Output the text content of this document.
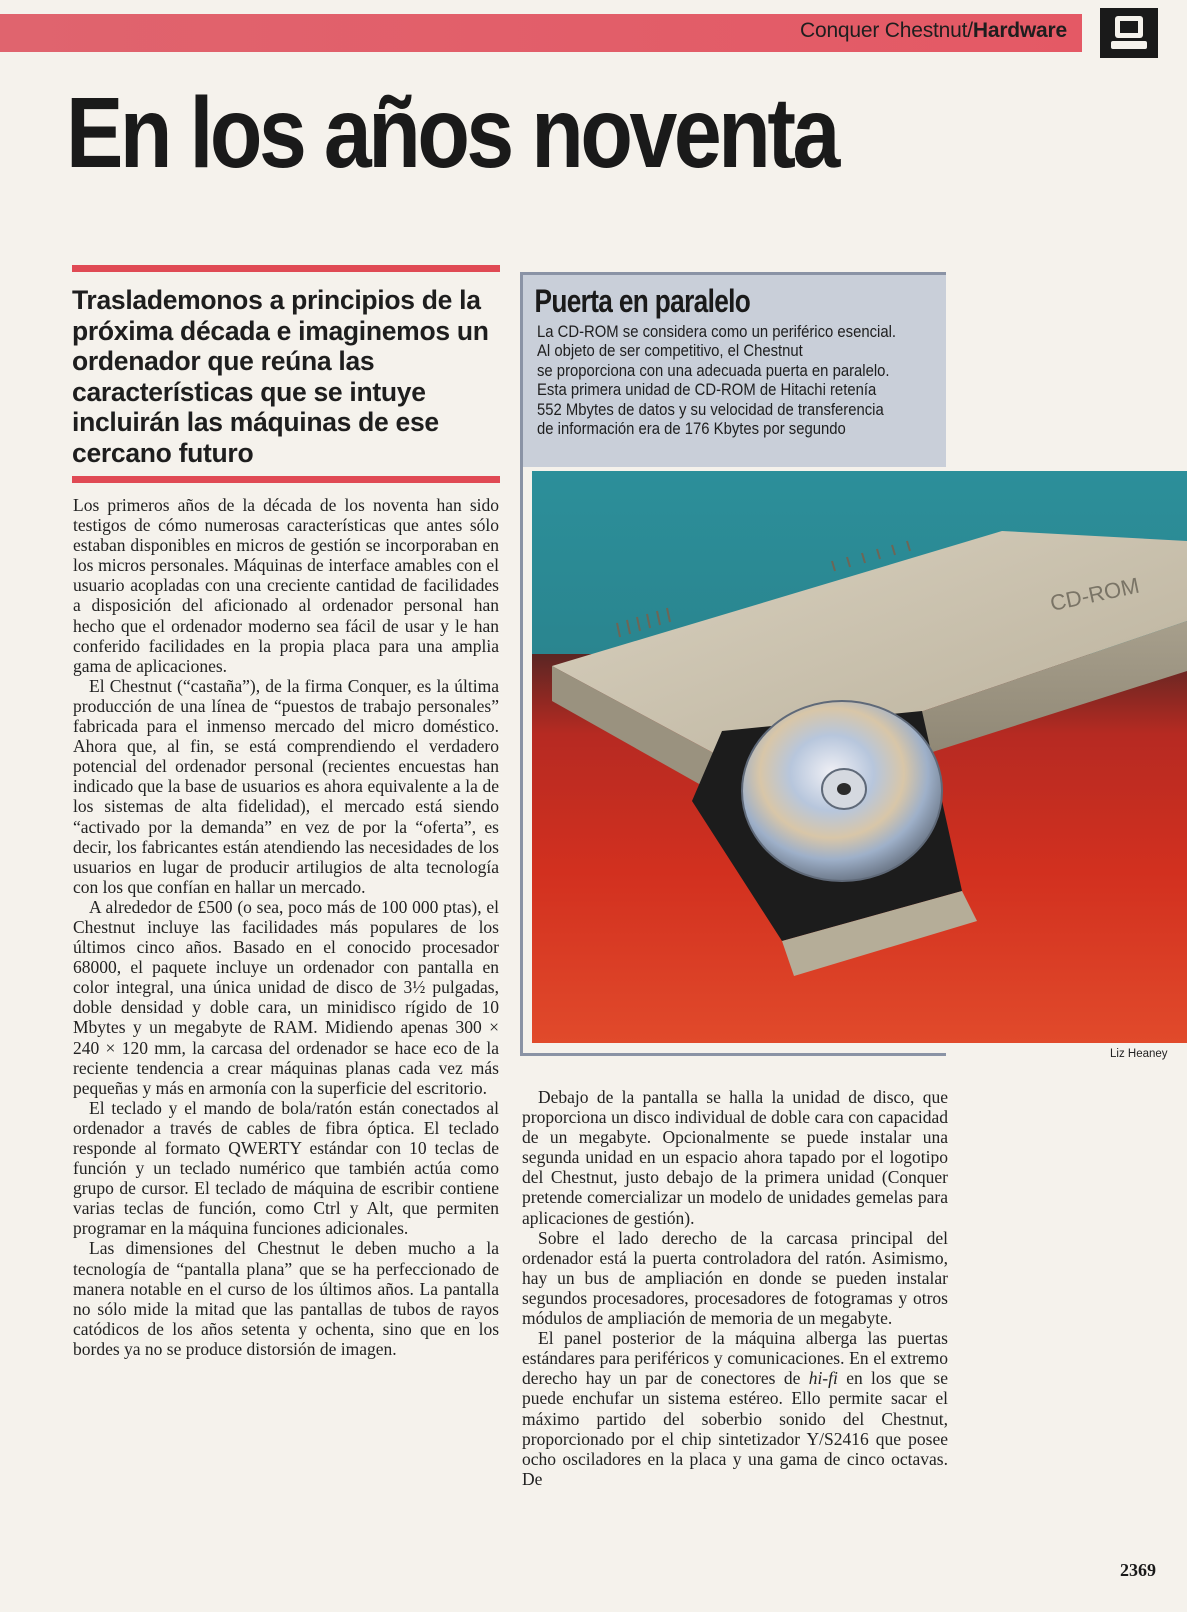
Conquer Chestnut/Hardware
En los años noventa
Traslademonos a principios de la próxima década e imaginemos un ordenador que reúna las características que se intuye incluirán las máquinas de ese cercano futuro

Los primeros años de la década de los noventa han sido testigos de cómo numerosas características que antes sólo estaban disponibles en micros de gestión se incorporaban en los micros personales. Máquinas de interface amables con el usuario acopladas con una creciente cantidad de facilidades a disposición del aficionado al ordenador personal han hecho que el ordenador moderno sea fácil de usar y le han conferido facilidades en la propia placa para una amplia gama de aplicaciones.

El Chestnut (“castaña”), de la firma Conquer, es la última producción de una línea de “puestos de trabajo personales” fabricada para el inmenso mercado del micro doméstico. Ahora que, al fin, se está comprendiendo el verdadero potencial del ordenador personal (recientes encuestas han indicado que la base de usuarios es ahora equivalente a la de los sistemas de alta fidelidad), el mercado está siendo “activado por la demanda” en vez de por la “oferta”, es decir, los fabricantes están atendiendo las necesidades de los usuarios en lugar de producir artilugios de alta tecnología con los que confían en hallar un mercado.

A alrededor de £500 (o sea, poco más de 100 000 ptas), el Chestnut incluye las facilidades más populares de los últimos cinco años. Basado en el conocido procesador 68000, el paquete incluye un ordenador con pantalla en color integral, una única unidad de disco de 3½ pulgadas, doble densidad y doble cara, un minidisco rígido de 10 Mbytes y un megabyte de RAM. Midiendo apenas 300 × 240 × 120 mm, la carcasa del ordenador se hace eco de la reciente tendencia a crear máquinas planas cada vez más pequeñas y más en armonía con la superficie del escritorio.

El teclado y el mando de bola/ratón están conectados al ordenador a través de cables de fibra óptica. El teclado responde al formato QWERTY estándar con 10 teclas de función y un teclado numérico que también actúa como grupo de cursor. El teclado de máquina de escribir contiene varias teclas de función, como Ctrl y Alt, que permiten programar en la máquina funciones adicionales.

Las dimensiones del Chestnut le deben mucho a la tecnología de “pantalla plana” que se ha perfeccionado de manera notable en el curso de los últimos años. La pantalla no sólo mide la mitad que las pantallas de tubos de rayos catódicos de los años setenta y ochenta, sino que en los bordes ya no se produce distorsión de imagen.

Puerta en paralelo
La CD-ROM se considera como un periférico esencial.
Al objeto de ser competitivo, el Chestnut
se proporciona con una adecuada puerta en paralelo.
Esta primera unidad de CD-ROM de Hitachi retenía
552 Mbytes de datos y su velocidad de transferencia
de información era de 176 Kbytes por segundo
CD-ROM
Liz Heaney

Debajo de la pantalla se halla la unidad de disco, que proporciona un disco individual de doble cara con capacidad de un megabyte. Opcionalmente se puede instalar una segunda unidad en un espacio ahora tapado por el logotipo del Chestnut, justo debajo de la primera unidad (Conquer pretende comercializar un modelo de unidades gemelas para aplicaciones de gestión).

Sobre el lado derecho de la carcasa principal del ordenador está la puerta controladora del ratón. Asimismo, hay un bus de ampliación en donde se pueden instalar segundos procesadores, procesadores de fotogramas y otros módulos de ampliación de memoria de un megabyte.

El panel posterior de la máquina alberga las puertas estándares para periféricos y comunicaciones. En el extremo derecho hay un par de conectores de hi-fi en los que se puede enchufar un sistema estéreo. Ello permite sacar el máximo partido del soberbio sonido del Chestnut, proporcionado por el chip sintetizador Y/S2416 que posee ocho osciladores en la placa y una gama de cinco octavas. De

2369
